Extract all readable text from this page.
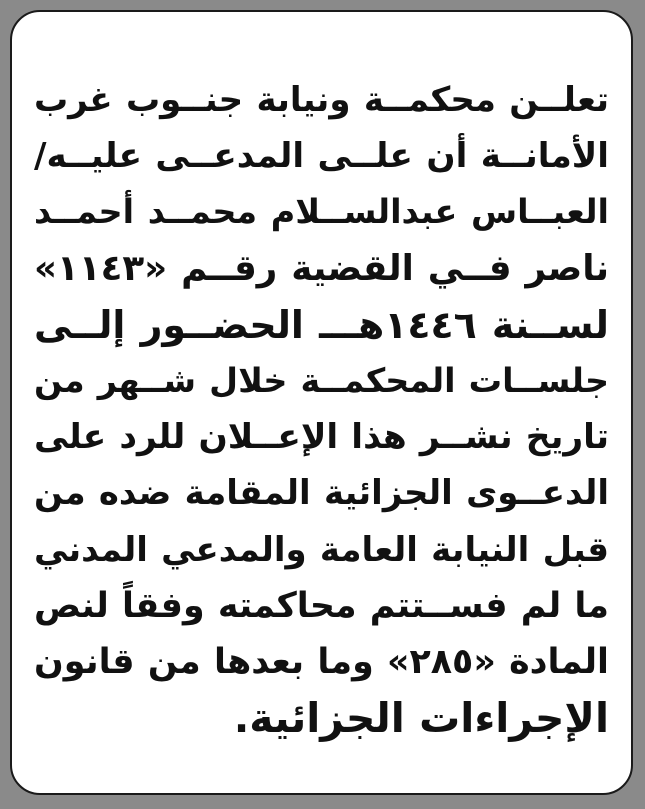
تعلــن محكمــة ونيابة جنــوب غرب
الأمانــة أن علــى المدعــى عليــه/
العبــاس عبدالســلام محمــد أحمــد
ناصر فــي القضية رقــم «١١٤٣»
لســنة ١٤٤٦هـــ الحضــور إلــى
جلســات المحكمــة خلال شــهر من
تاريخ نشــر هذا الإعــلان للرد على
الدعــوى الجزائية المقامة ضده من
قبل النيابة العامة والمدعي المدني
ما لم فســتتم محاكمته وفقاً لنص
المادة «٢٨٥» وما بعدها من قانون
الإجراءات الجزائية.
